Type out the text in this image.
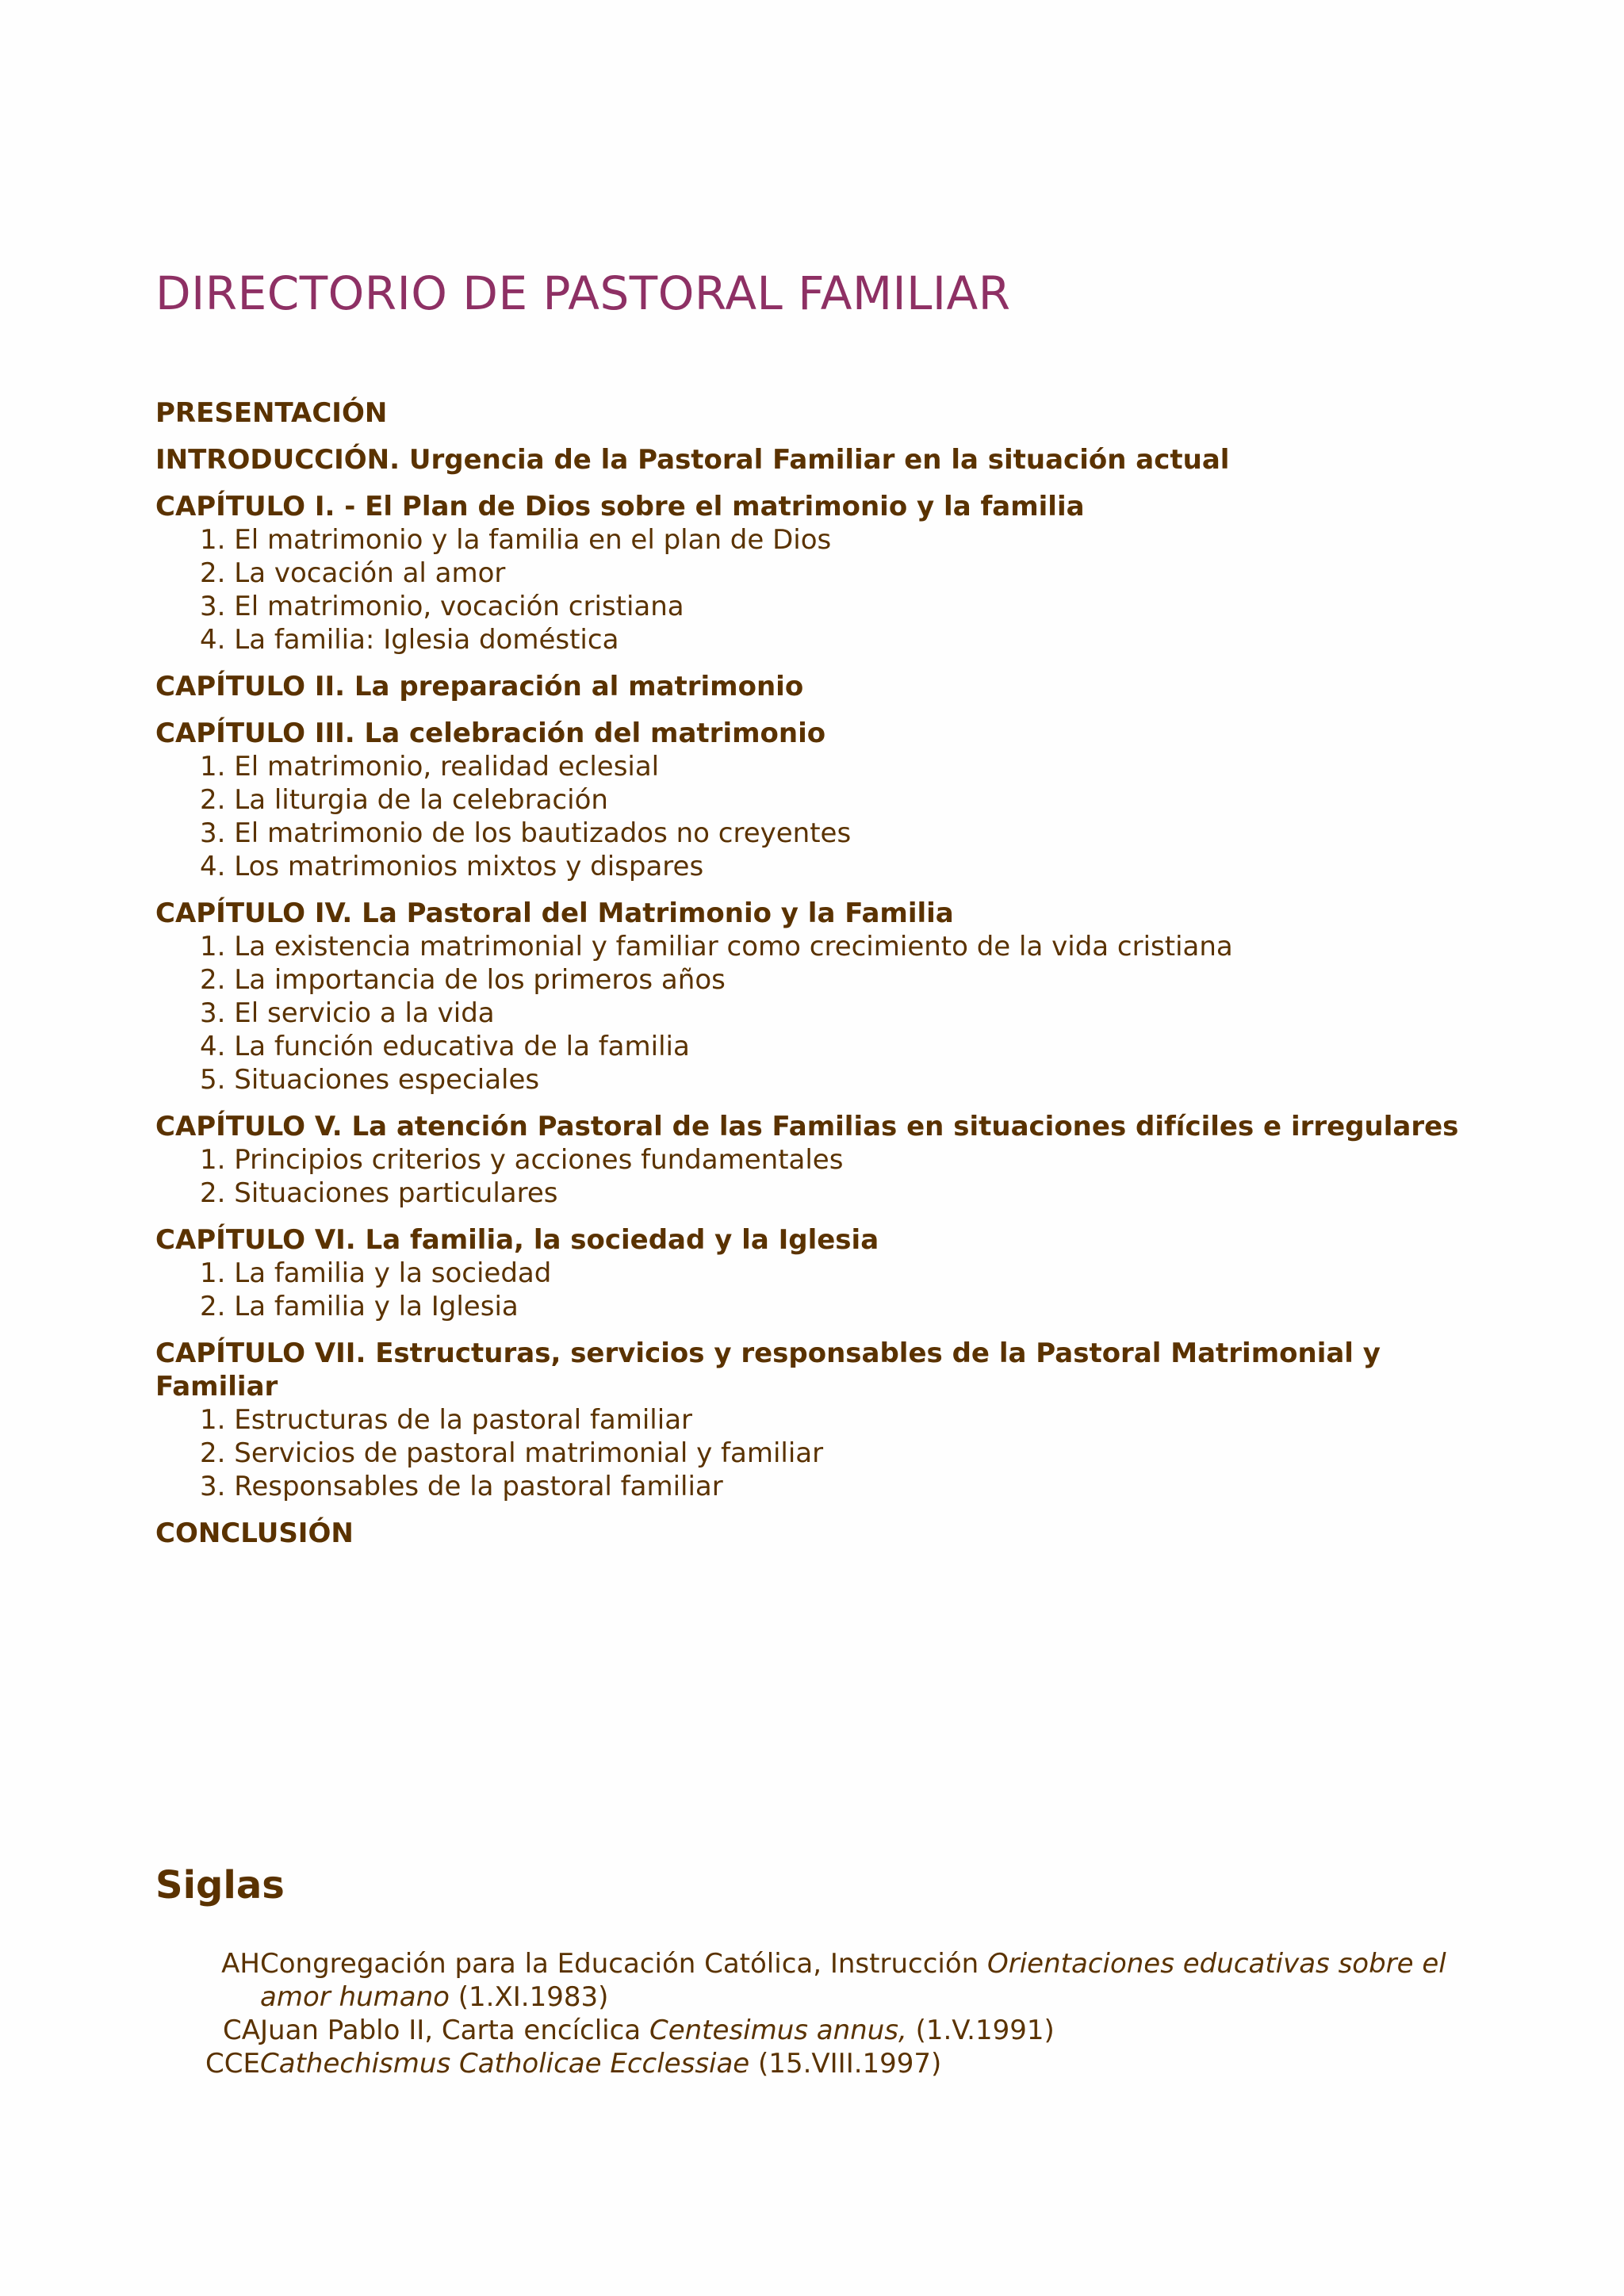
DIRECTORIO DE PASTORAL FAMILIAR
PRESENTACIÓN
INTRODUCCIÓN. Urgencia de la Pastoral Familiar en la situación actual
CAPÍTULO I. - El Plan de Dios sobre el matrimonio y la familia
1. El matrimonio y la familia en el plan de Dios
2. La vocación al amor
3. El matrimonio, vocación cristiana
4. La familia: Iglesia doméstica
CAPÍTULO II. La preparación al matrimonio
CAPÍTULO III. La celebración del matrimonio
1. El matrimonio, realidad eclesial
2. La liturgia de la celebración
3. El matrimonio de los bautizados no creyentes
4. Los matrimonios mixtos y dispares
CAPÍTULO IV. La Pastoral del Matrimonio y la Familia
1. La existencia matrimonial y familiar como crecimiento de la vida cristiana
2. La importancia de los primeros años
3. El servicio a la vida
4. La función educativa de la familia
5. Situaciones especiales
CAPÍTULO V. La atención Pastoral de las Familias en situaciones difíciles e irregulares
1. Principios criterios y acciones fundamentales
2. Situaciones particulares
CAPÍTULO VI. La familia, la sociedad y la Iglesia
1. La familia y la sociedad
2. La familia y la Iglesia
CAPÍTULO VII. Estructuras, servicios y responsables de la Pastoral Matrimonial y Familiar
1. Estructuras de la pastoral familiar
2. Servicios de pastoral matrimonial y familiar
3. Responsables de la pastoral familiar
CONCLUSIÓN
Siglas
AH Congregación para la Educación Católica, Instrucción Orientaciones educativas sobre el amor humano (1.XI.1983)
CA Juan Pablo II, Carta encíclica Centesimus annus, (1.V.1991)
CCE Cathechismus Catholicae Ecclessiae (15.VIII.1997)
